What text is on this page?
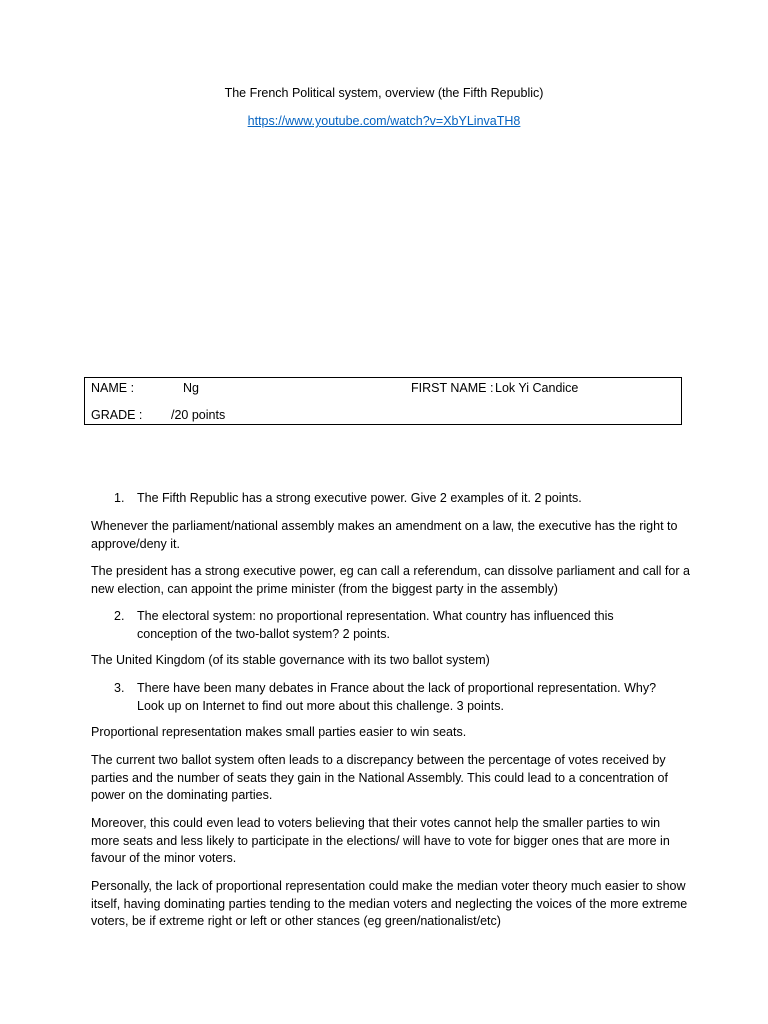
The French Political system, overview (the Fifth Republic)
https://www.youtube.com/watch?v=XbYLinvaTH8
NAME :	Ng	FIRST NAME : Lok Yi Candice
GRADE : /20 points
1. The Fifth Republic has a strong executive power. Give 2 examples of it. 2 points.
Whenever the parliament/national assembly makes an amendment on a law, the executive has the right to approve/deny it.
The president has a strong executive power, eg can call a referendum, can dissolve parliament and call for a new election, can appoint the prime minister (from the biggest party in the assembly)
2. The electoral system: no proportional representation. What country has influenced this conception of the two-ballot system? 2 points.
The United Kingdom (of its stable governance with its two ballot system)
3. There have been many debates in France about the lack of proportional representation. Why? Look up on Internet to find out more about this challenge. 3 points.
Proportional representation makes small parties easier to win seats.
The current two ballot system often leads to a discrepancy between the percentage of votes received by parties and the number of seats they gain in the National Assembly. This could lead to a concentration of power on the dominating parties.
Moreover, this could even lead to voters believing that their votes cannot help the smaller parties to win more seats and less likely to participate in the elections/ will have to vote for bigger ones that are more in favour of the minor voters.
Personally, the lack of proportional representation could make the median voter theory much easier to show itself, having dominating parties tending to the median voters and neglecting the voices of the more extreme voters, be if extreme right or left or other stances (eg green/nationalist/etc)
